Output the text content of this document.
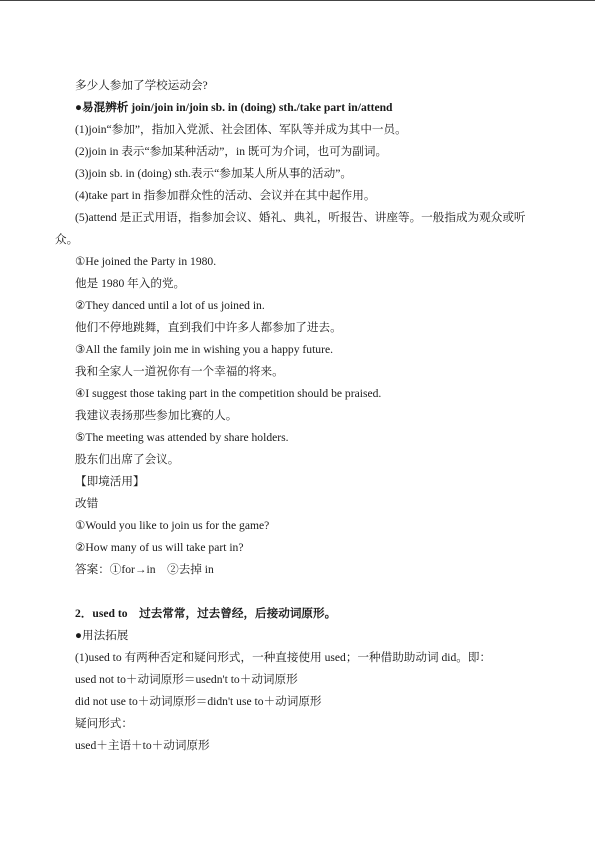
多少人参加了学校运动会?
●易混辨析 join/join in/join sb. in (doing) sth./take part in/attend
(1)join“参加”，指加入党派、社会团体、军队等并成为其中一员。
(2)join in 表示“参加某种活动”，in 既可为介词，也可为副词。
(3)join sb. in (doing) sth.表示“参加某人所从事的活动”。
(4)take part in 指参加群众性的活动、会议并在其中起作用。
(5)attend 是正式用语，指参加会议、婚礼、典礼，听报告、讲座等。一般指成为观众或听
众。
①He joined the Party in 1980.
他是 1980 年入的党。
②They danced until a lot of us joined in.
他们不停地跳舞，直到我们中许多人都参加了进去。
③All the family join me in wishing you a happy future.
我和全家人一道祝你有一个幸福的将来。
④I suggest those taking part in the competition should be praised.
我建议表扬那些参加比赛的人。
⑤The meeting was attended by share holders.
股东们出席了会议。
【即境活用】
改错
①Would you like to join us for the game?
②How many of us will take part in?
答案：①for→in　②去掉 in
2．used to　过去常常，过去曾经，后接动词原形。
●用法拓展
(1)used to 有两种否定和疑问形式，一种直接使用 used；一种借助助动词 did。即：
used not to＋动词原形＝usedn't to＋动词原形
did not use to＋动词原形＝didn't use to＋动词原形
疑问形式：
used＋主语＋to＋动词原形
